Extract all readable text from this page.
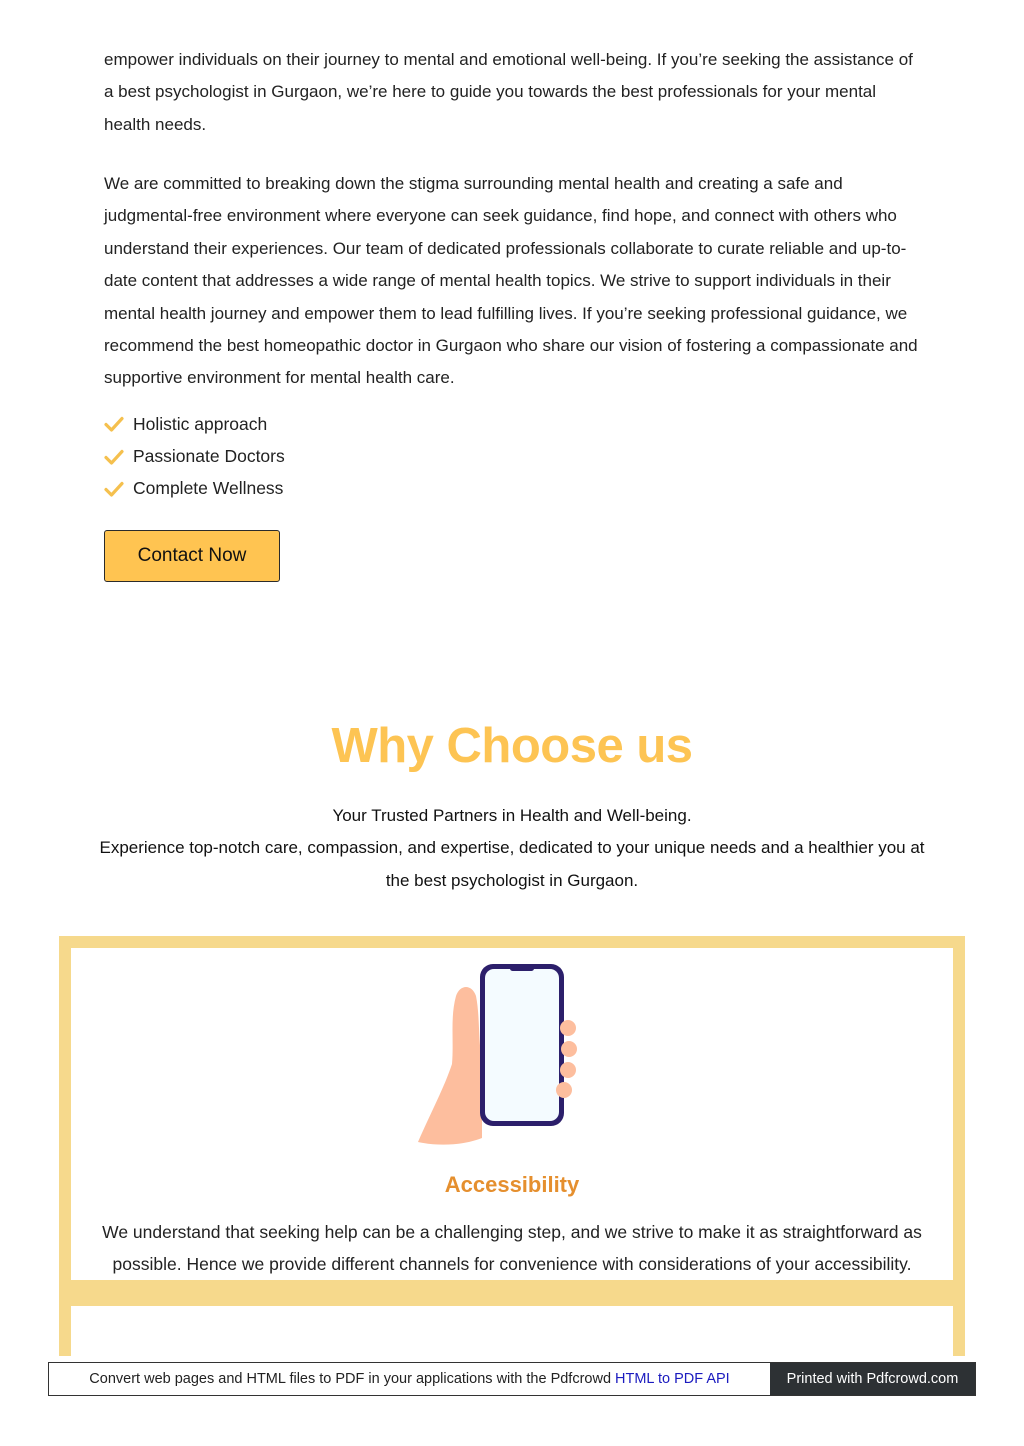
empower individuals on their journey to mental and emotional well-being. If you’re seeking the assistance of a best psychologist in Gurgaon, we’re here to guide you towards the best professionals for your mental health needs.

We are committed to breaking down the stigma surrounding mental health and creating a safe and judgmental-free environment where everyone can seek guidance, find hope, and connect with others who understand their experiences. Our team of dedicated professionals collaborate to curate reliable and up-to-date content that addresses a wide range of mental health topics. We strive to support individuals in their mental health journey and empower them to lead fulfilling lives. If you’re seeking professional guidance, we recommend the best homeopathic doctor in Gurgaon who share our vision of fostering a compassionate and supportive environment for mental health care.

Holistic approach
Passionate Doctors
Complete Wellness
Contact Now
Why Choose us

Your Trusted Partners in Health and Well-being.

Experience top-notch care, compassion, and expertise, dedicated to your unique needs and a healthier you at the best psychologist in Gurgaon.

Accessibility

We understand that seeking help can be a challenging step, and we strive to make it as straightforward as possible. Hence we provide different channels for convenience with considerations of your accessibility.

Convert web pages and HTML files to PDF in your applications with the Pdfcrowd HTML to PDF API	Printed with Pdfcrowd.com
